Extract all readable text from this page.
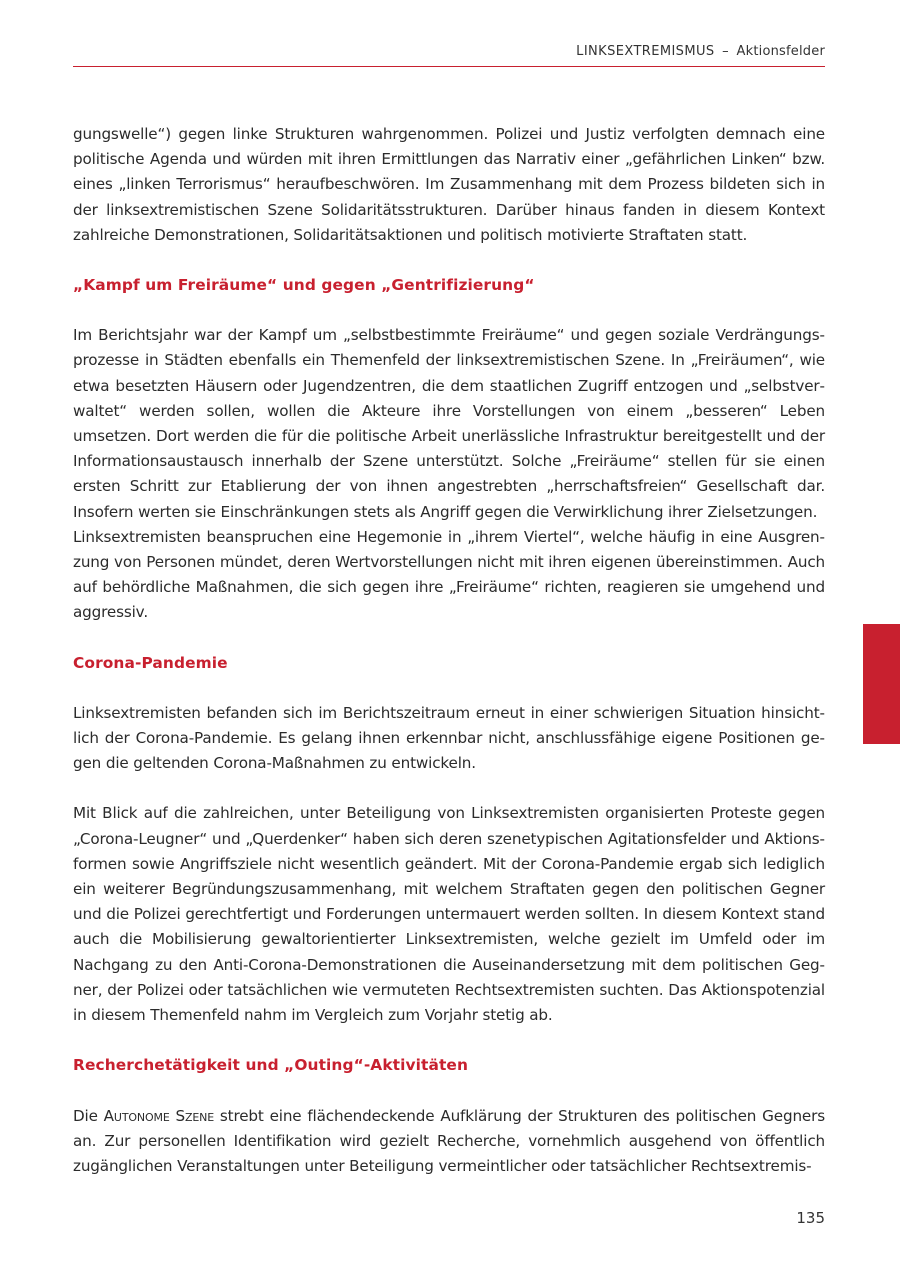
LINKSEXTREMISMUS – Aktionsfelder

gungswelle“) gegen linke Strukturen wahrgenommen. Polizei und Justiz verfolgten demnach eine politische Agenda und würden mit ihren Ermittlungen das Narrativ einer „gefährlichen Linken“ bzw. eines „linken Terrorismus“ heraufbeschwören. Im Zusammenhang mit dem Prozess bildeten sich in der linksextremistischen Szene Solidaritätsstrukturen. Darüber hinaus fanden in diesem Kontext zahlreiche Demonstrationen, Solidaritätsaktionen und politisch motivierte Straftaten statt.

„Kampf um Freiräume“ und gegen „Gentrifizierung“

Im Berichtsjahr war der Kampf um „selbstbestimmte Freiräume“ und gegen soziale Verdrängungsprozesse in Städten ebenfalls ein Themenfeld der linksextremistischen Szene. In „Freiräumen“, wie etwa besetzten Häusern oder Jugendzentren, die dem staatlichen Zugriff entzogen und „selbstverwaltet“ werden sollen, wollen die Akteure ihre Vorstellungen von einem „besseren“ Leben umsetzen. Dort werden die für die politische Arbeit unerlässliche Infrastruktur bereitgestellt und der Informationsaustausch innerhalb der Szene unterstützt. Solche „Freiräume“ stellen für sie einen ersten Schritt zur Etablierung der von ihnen angestrebten „herrschaftsfreien“ Gesellschaft dar. Insofern werten sie Einschränkungen stets als Angriff gegen die Verwirklichung ihrer Zielsetzungen.

Linksextremisten beanspruchen eine Hegemonie in „ihrem Viertel“, welche häufig in eine Ausgrenzung von Personen mündet, deren Wertvorstellungen nicht mit ihren eigenen übereinstimmen. Auch auf behördliche Maßnahmen, die sich gegen ihre „Freiräume“ richten, reagieren sie umgehend und aggressiv.

Corona-Pandemie

Linksextremisten befanden sich im Berichtszeitraum erneut in einer schwierigen Situation hinsichtlich der Corona-Pandemie. Es gelang ihnen erkennbar nicht, anschlussfähige eigene Positionen gegen die geltenden Corona-Maßnahmen zu entwickeln.

Mit Blick auf die zahlreichen, unter Beteiligung von Linksextremisten organisierten Proteste gegen „Corona-Leugner“ und „Querdenker“ haben sich deren szenetypischen Agitationsfelder und Aktionsformen sowie Angriffsziele nicht wesentlich geändert. Mit der Corona-Pandemie ergab sich lediglich ein weiterer Begründungszusammenhang, mit welchem Straftaten gegen den politischen Gegner und die Polizei gerechtfertigt und Forderungen untermauert werden sollten. In diesem Kontext stand auch die Mobilisierung gewaltorientierter Linksextremisten, welche gezielt im Umfeld oder im Nachgang zu den Anti-Corona-Demonstrationen die Auseinandersetzung mit dem politischen Gegner, der Polizei oder tatsächlichen wie vermuteten Rechtsextremisten suchten. Das Aktionspotenzial in diesem Themenfeld nahm im Vergleich zum Vorjahr stetig ab.

Recherchetätigkeit und „Outing“-Aktivitäten

Die Autonome Szene strebt eine flächendeckende Aufklärung der Strukturen des politischen Gegners an. Zur personellen Identifikation wird gezielt Recherche, vornehmlich ausgehend von öffentlich zugänglichen Veranstaltungen unter Beteiligung vermeintlicher oder tatsächlicher Rechtsextremis-

135
